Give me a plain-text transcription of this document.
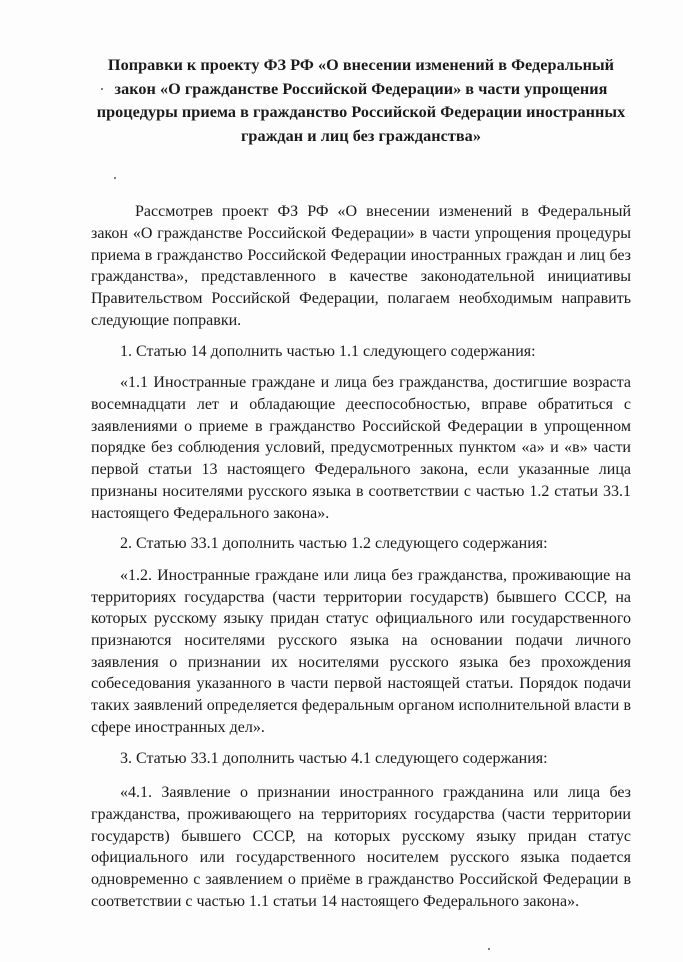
Поправки к проекту ФЗ РФ «О внесении изменений в Федеральный
закон «О гражданстве Российской Федерации» в части упрощения
процедуры приема в гражданство Российской Федерации иностранных
граждан и лиц без гражданства»

Рассмотрев проект ФЗ РФ «О внесении изменений в Федеральный закон «О гражданстве Российской Федерации» в части упрощения процедуры приема в гражданство Российской Федерации иностранных граждан и лиц без гражданства», представленного в качестве законодательной инициативы Правительством Российской Федерации, полагаем необходимым направить следующие поправки.

1. Статью 14 дополнить частью 1.1 следующего содержания:

«1.1 Иностранные граждане и лица без гражданства, достигшие возраста восемнадцати лет и обладающие дееспособностью, вправе обратиться с заявлениями о приеме в гражданство Российской Федерации в упрощенном порядке без соблюдения условий, предусмотренных пунктом «а» и «в» части первой статьи 13 настоящего Федерального закона, если указанные лица признаны носителями русского языка в соответствии с частью 1.2 статьи 33.1 настоящего Федерального закона».

2. Статью 33.1 дополнить частью 1.2 следующего содержания:

«1.2. Иностранные граждане или лица без гражданства, проживающие на территориях государства (части территории государств) бывшего СССР, на которых русскому языку придан статус официального или государственного признаются носителями русского языка на основании подачи личного заявления о признании их носителями русского языка без прохождения собеседования указанного в части первой настоящей статьи. Порядок подачи таких заявлений определяется федеральным органом исполнительной власти в сфере иностранных дел».

3. Статью 33.1 дополнить частью 4.1 следующего содержания:

«4.1. Заявление о признании иностранного гражданина или лица без гражданства, проживающего на территориях государства (части территории государств) бывшего СССР, на которых русскому языку придан статус официального или государственного носителем русского языка подается одновременно с заявлением о приёме в гражданство Российской Федерации в соответствии с частью 1.1 статьи 14 настоящего Федерального закона».
